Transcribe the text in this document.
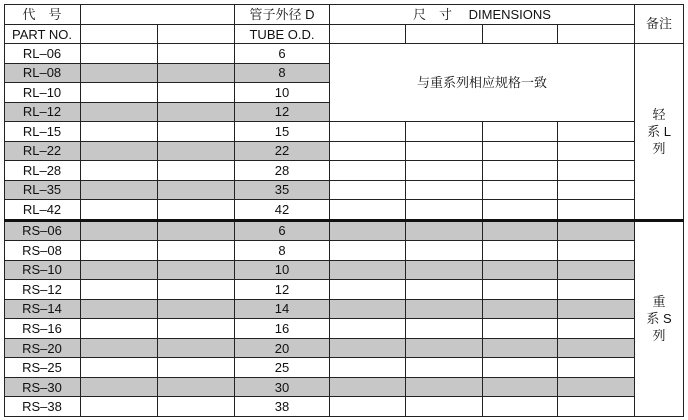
代　号	管子外径 D	尺　寸　 DIMENSIONS
备注
PART NO.	TUBE O.D.
RL–06	6
RL–08	8
RL–10	10
RL–12	12
RL–15	15
RL–22	22
RL–28	28
RL–35	35
RL–42	42
与重系列相应规格一致
轻
系 L
列
RS–06	6
RS–08	8
RS–10	10
RS–12	12
RS–14	14
RS–16	16
RS–20	20
RS–25	25
RS–30	30
RS–38	38
重
系 S
列
